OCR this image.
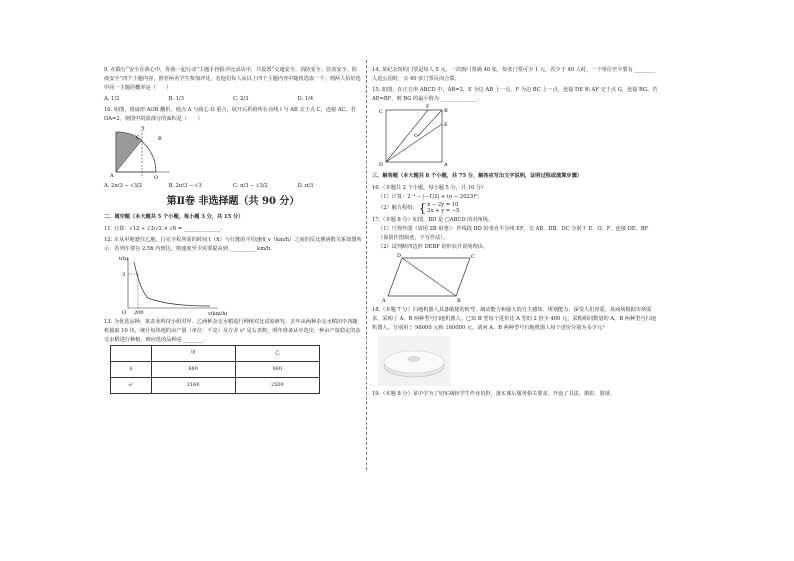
9. 在践行“安全在我心中，你我一起行动”主题手抄报评比活动中，共设置“交通安全、消防安全、饮食安全、防疫安全”四个主题内容，推荐两名学生参加评比，若他们每人从以上四个主题内容中随机选取一个，则两人恰好选中同一主题的概率是（　　）

A. 1/2	B. 1/3	C. 2/3	D. 1/4

10. 如图，将扇形 AOB 翻折，使点 A 与圆心 O 重合，展开后折痕所在直线 l 与 AB 交于点 C，连接 AC。若 OA=2，则图中阴影部分的面积是（　　）

l
C	B
A	O
A. 2π/3 − √3/2	B. 2π/3 − √3	C. π/3 − √3/2	D. π/3
第Ⅱ卷 非选择题（共 90 分）

二、填空题（本大题共 5 个小题，每小题 3 分，共 15 分）

11. 计算：√12 ÷ √3/√2 × √6 = ______________.

12. 车从甲地驶往乙地，行完全程所需的时间 t（h）与行驶的平均速度 v（km/h）之间的反比例函数关系如图所示，若列车要在 2.5h 内到达，则速度至少需要提高到 __________ km/h.

t(h)
3
O 200	v(km/h)

13. 为优选品种，某农业科技小组对甲、乙两种杂交水稻进行种植对比试验研究，去年从两种杂交水稻田中各随机抽取 10 块，统计每块地的亩产量（单位：千克）及方差 s² 见右表格，明年准备从中选出一种亩产量稳定的杂交水稻进行种植，则应选的品种是 ________.

	甲	乙
x̄	880	880
s²	2160	2500

14. 某纪念馆的门票是每人 5 元，一次购门票满 40 张，每张门票可少 1 元。若少于 40 人时，一个单位至少要有 ________ 人进公园时，买 40 张门票反而合算。

15. 如图，在正方形 ABCD 中，AB=2，E 为边 AB 上一点，F 为边 BC 上一点，连接 DE 和 AF 交于点 G，连接 BG。若 AE=BF，则 BG 的最小值为 ______________.

C
F
B
G
E
D	A

三、解答题（本大题共 8 个小题，共 75 分，解答应写出文字说明，证明过程或演算步骤）

16.（本题共 2 个小题，每小题 5 分，共 10 分）

（1）计算：2⁻¹ − |−1/2| + (π − 2023)⁰；

（2）解方程组： { x − 2y = 10
2x + y = −5

17.（本题 8 分）如图，BD 是 □ABCD 的对角线。

（1）尺规作图（请用 2B 铅笔）：作线段 BD 的垂直平分线 EF，交 AB、DB、DC 分别于 E、O、F，连接 DE、BF（保留作图痕迹，不写作法）。

（2）试判断四边形 DEBF 的形状并说明理由。

D	C
A	B

18.（本题 7 分）扫地机器人具备敏捷的转弯、制动能力和强大的自主感知、规划能力，深受人们喜爱。某商场根据市场需求，采购了 A、B 两种型号扫地机器人。已知 B 型每个进价比 A 型的 2 倍少 400 元，采购相同数量的 A、B 两种型号扫地机器人，分别用了 96000 元和 160000 元。请问 A、B 两种型号扫地机器人每个进价分别为多少元？

19.（本题 8 分）某中学为了切实减轻学生作业负担，落实课后服务相关要求，开设了书法、摄影、篮球、
